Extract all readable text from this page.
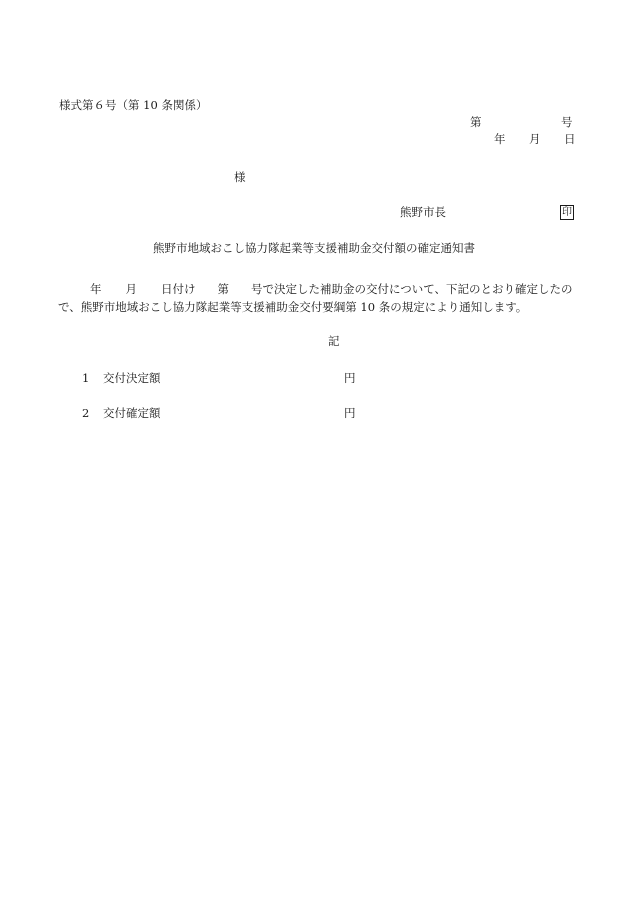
様式第６号（第 10 条関係）
第	号
年 月 日
様
熊野市長	印
熊野市地域おこし協力隊起業等支援補助金交付額の確定通知書
年 月 日付け 第 号で決定した補助金の交付について、下記のとおり確定したので、熊野市地域おこし協力隊起業等支援補助金交付要綱第 10 条の規定により通知します。
記
1 交付決定額	円
2 交付確定額	円
